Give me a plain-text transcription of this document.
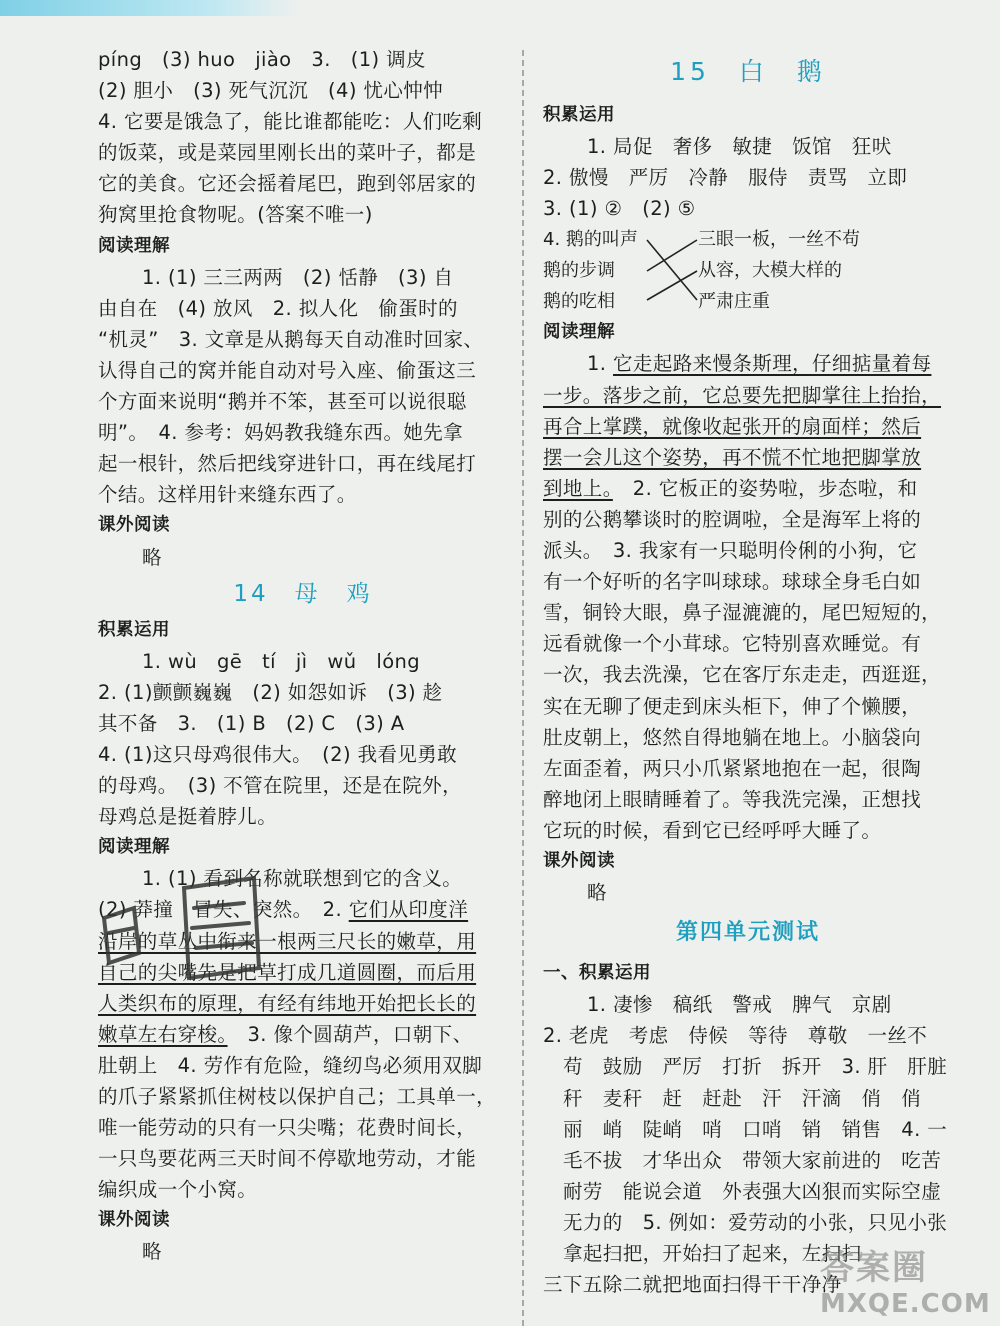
píng　(3) huo　jiào　3.　(1) 调皮
(2) 胆小　(3) 死气沉沉　(4) 忧心忡忡
4. 它要是饿急了，能比谁都能吃：人们吃剩
的饭菜，或是菜园里刚长出的菜叶子，都是
它的美食。它还会摇着尾巴，跑到邻居家的
狗窝里抢食物呢。(答案不唯一)
阅读理解
1. (1) 三三两两　(2) 恬静　(3) 自
由自在　(4) 放风　2. 拟人化　偷蛋时的
“机灵”　3. 文章是从鹅每天自动准时回家、
认得自己的窝并能自动对号入座、偷蛋这三
个方面来说明“鹅并不笨，甚至可以说很聪
明”。　4. 参考：妈妈教我缝东西。她先拿
起一根针，然后把线穿进针口，再在线尾打
个结。这样用针来缝东西了。
课外阅读
略
14　母　鸡
积累运用
1. wù　gē　tí　jì　wǔ　lóng
2. (1)颤颤巍巍　(2) 如怨如诉　(3) 趁
其不备　3.　(1) B　(2) C　(3) A
4. (1)这只母鸡很伟大。　(2) 我看见勇敢
的母鸡。　(3) 不管在院里，还是在院外，
母鸡总是挺着脖儿。
阅读理解
1. (1) 看到名称就联想到它的含义。
(2) 莽撞　冒失、突然。　2. 它们从印度洋
沿岸的草丛中衔来一根两三尺长的嫩草，用
自己的尖嘴先是把草打成几道圆圈，而后用
人类织布的原理，有经有纬地开始把长长的
嫩草左右穿梭。　3. 像个圆葫芦，口朝下、
肚朝上　4. 劳作有危险，缝纫鸟必须用双脚
的爪子紧紧抓住树枝以保护自己；工具单一，
唯一能劳动的只有一只尖嘴；花费时间长，
一只鸟要花两三天时间不停歇地劳动，才能
编织成一个小窝。
课外阅读
略
15　白　鹅
积累运用
1. 局促　奢侈　敏捷　饭馆　狂吠
2. 傲慢　严厉　冷静　服侍　责骂　立即
3. (1) ②　(2) ⑤
4. 鹅的叫声
鹅的步调
鹅的吃相
三眼一板，一丝不苟
从容，大模大样的
严肃庄重
阅读理解
1. 它走起路来慢条斯理，仔细掂量着每
一步。落步之前，它总要先把脚掌往上抬抬，
再合上掌蹼，就像收起张开的扇面样；然后
摆一会儿这个姿势，再不慌不忙地把脚掌放
到地上。　2. 它板正的姿势啦，步态啦，和
别的公鹅攀谈时的腔调啦，全是海军上将的
派头。　3. 我家有一只聪明伶俐的小狗，它
有一个好听的名字叫球球。球球全身毛白如
雪，铜铃大眼，鼻子湿漉漉的，尾巴短短的，
远看就像一个小茸球。它特别喜欢睡觉。有
一次，我去洗澡，它在客厅东走走，西逛逛，
实在无聊了便走到床头柜下，伸了个懒腰，
肚皮朝上，悠然自得地躺在地上。小脑袋向
左面歪着，两只小爪紧紧地抱在一起，很陶
醉地闭上眼睛睡着了。等我洗完澡，正想找
它玩的时候，看到它已经呼呼大睡了。
课外阅读
略
第四单元测试
一、积累运用
1. 凄惨　稿纸　警戒　脾气　京剧
2. 老虎　考虑　侍候　等待　尊敬　一丝不
苟　鼓励　严厉　打折　拆开　3. 肝　肝脏
秆　麦秆　赶　赶赴　汗　汗滴　俏　俏
丽　峭　陡峭　哨　口哨　销　销售　4. 一
毛不拔　才华出众　带领大家前进的　吃苦
耐劳　能说会道　外表强大凶狠而实际空虚
无力的　5. 例如：爱劳动的小张，只见小张
拿起扫把，开始扫了起来，左扫扫
三下五除二就把地面扫得干干净净
答案圈
MXQE.COM
